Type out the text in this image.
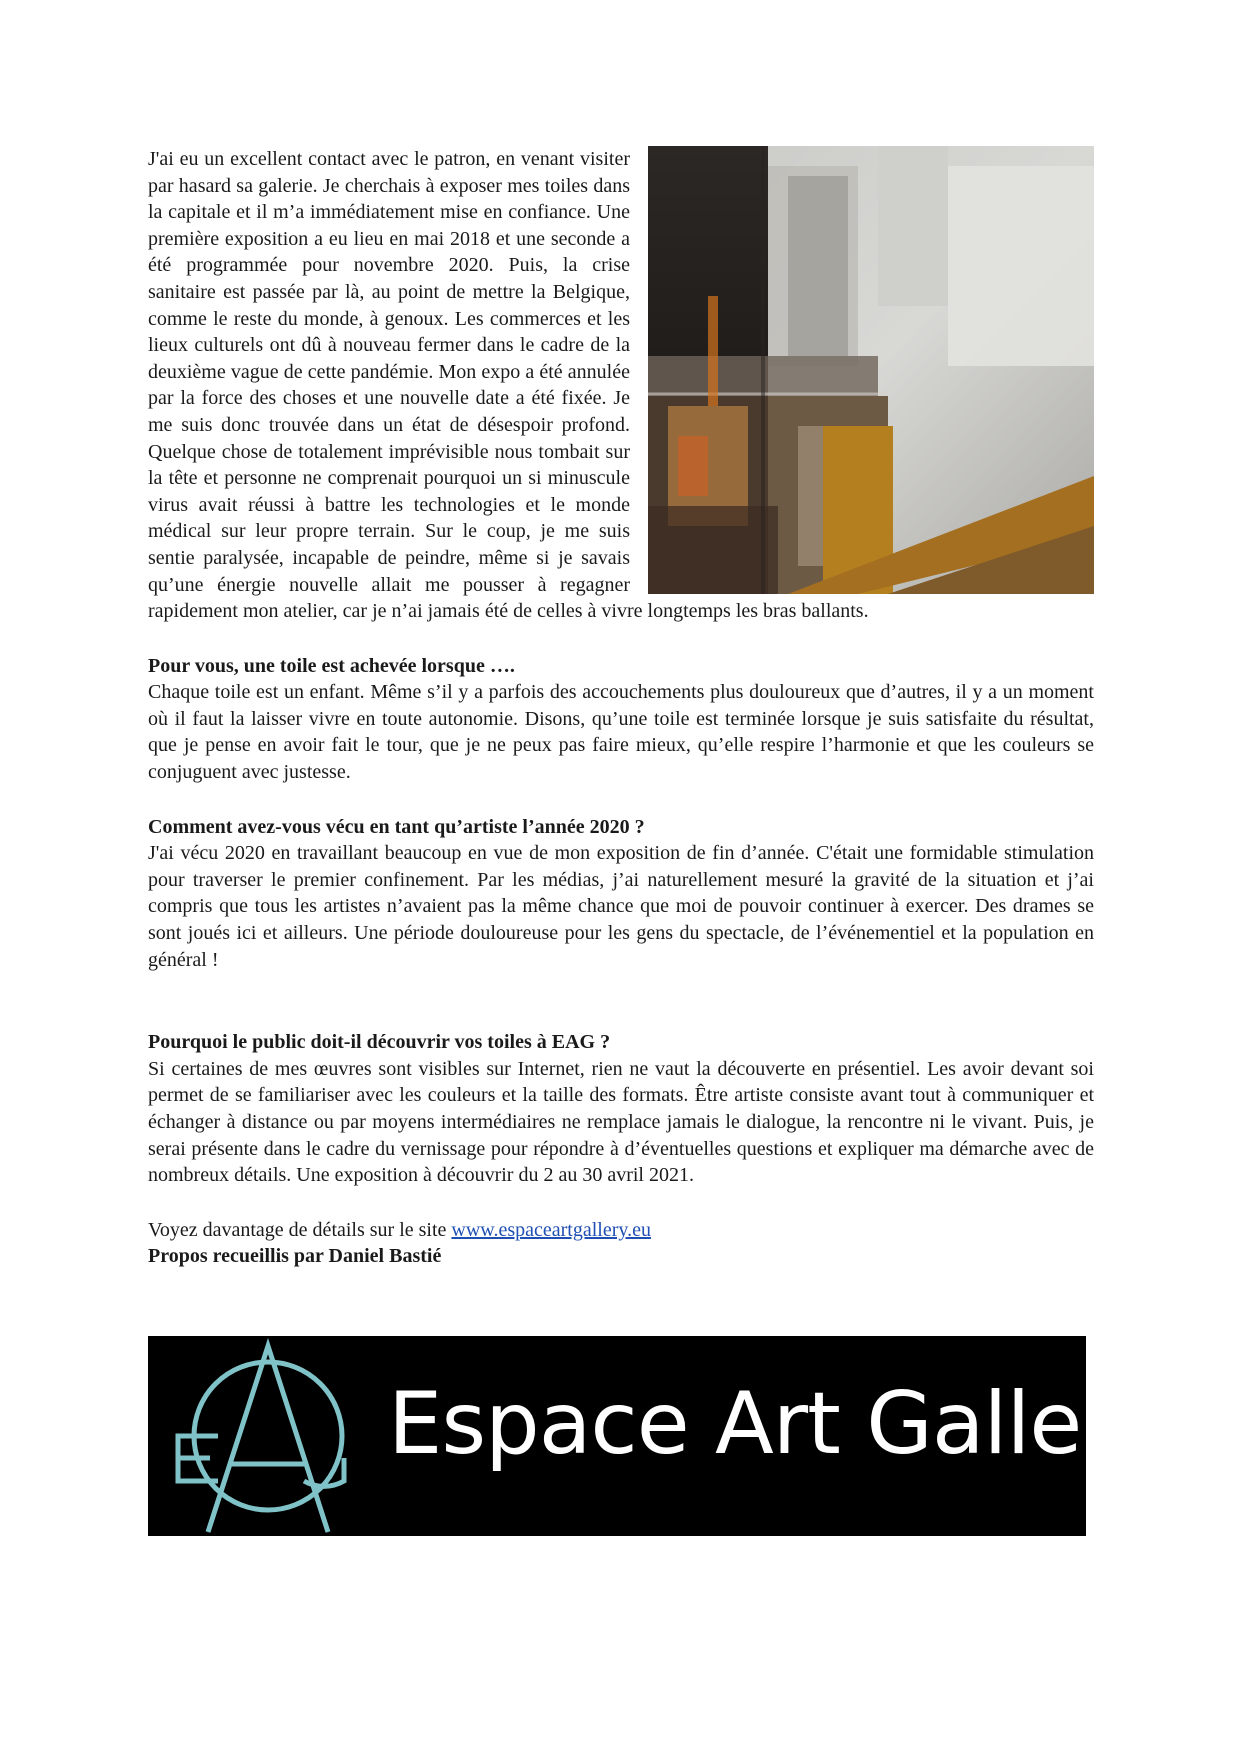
J'ai eu un excellent contact avec le patron, en venant visiter par hasard sa galerie. Je cherchais à exposer mes toiles dans la capitale et il m’a immédiatement mise en confiance. Une première exposition a eu lieu en mai 2018 et une seconde a été programmée pour novembre 2020. Puis, la crise sanitaire est passée par là, au point de mettre la Belgique, comme le reste du monde, à genoux. Les commerces et les lieux culturels ont dû à nouveau fermer dans le cadre de la deuxième vague de cette pandémie. Mon expo a été annulée par la force des choses et une nouvelle date a été fixée. Je me suis donc trouvée dans un état de désespoir profond. Quelque chose de totalement imprévisible nous tombait sur la tête et personne ne comprenait pourquoi un si minuscule virus avait réussi à battre les technologies et le monde médical sur leur propre terrain. Sur le coup, je me suis sentie paralysée, incapable de peindre, même si je savais qu’une énergie nouvelle allait me pousser à regagner rapidement mon atelier, car je n’ai jamais été de celles à vivre longtemps les bras ballants.

Pour vous, une toile est achevée lorsque ….

Chaque toile est un enfant. Même s’il y a parfois des accouchements plus douloureux que d’autres, il y a un moment où il faut la laisser vivre en toute autonomie. Disons, qu’une toile est terminée lorsque je suis satisfaite du résultat, que je pense en avoir fait le tour, que je ne peux pas faire mieux, qu’elle respire l’harmonie et que les couleurs se conjuguent avec justesse.

Comment avez-vous vécu en tant qu’artiste l’année 2020 ?

J'ai vécu 2020 en travaillant beaucoup en vue de mon exposition de fin d’année. C'était une formidable stimulation pour traverser le premier confinement. Par les médias, j’ai naturellement mesuré la gravité de la situation et j’ai compris que tous les artistes n’avaient pas la même chance que moi de pouvoir continuer à exercer. Des drames se sont joués ici et ailleurs. Une période douloureuse pour les gens du spectacle, de l’événementiel et la population en général !

Pourquoi le public doit-il découvrir vos toiles à EAG ?

Si certaines de mes œuvres sont visibles sur Internet, rien ne vaut la découverte en présentiel. Les avoir devant soi permet de se familiariser avec les couleurs et la taille des formats. Être artiste consiste avant tout à communiquer et échanger à distance ou par moyens intermédiaires ne remplace jamais le dialogue, la rencontre ni le vivant. Puis, je serai présente dans le cadre du vernissage pour répondre à d’éventuelles questions et expliquer ma démarche avec de nombreux détails. Une exposition à découvrir du 2 au 30 avril 2021.

Voyez davantage de détails sur le site www.espaceartgallery.eu

Propos recueillis par Daniel Bastié

Espace Art Gallery
